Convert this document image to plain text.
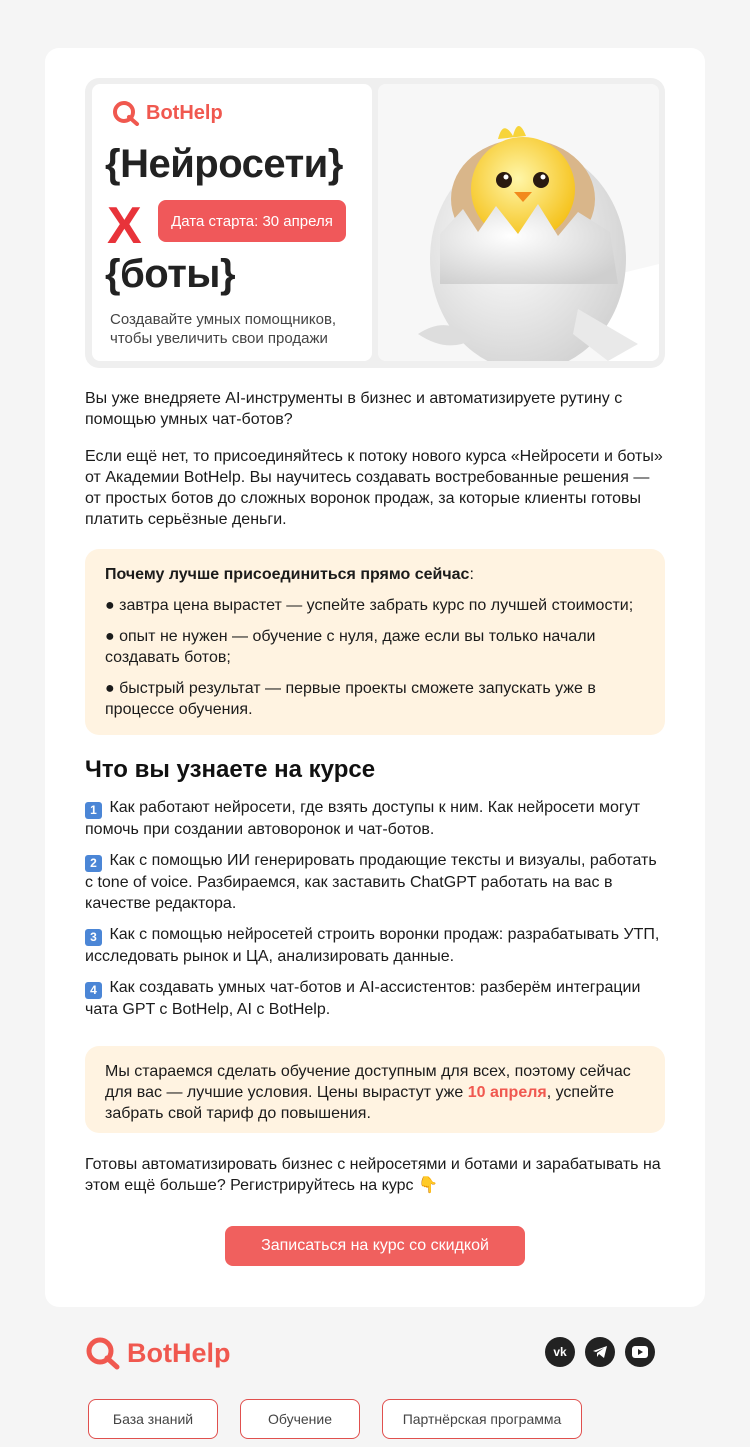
BotHelp
{Нейросети}
Х	Дата старта: 30 апреля
{боты}
Создавайте умных помощников, чтобы увеличить свои продажи
Вы уже внедряете AI-инструменты в бизнес и автоматизируете рутину с помощью умных чат-ботов?
Если ещё нет, то присоединяйтесь к потоку нового курса «Нейросети и боты» от Академии BotHelp. Вы научитесь создавать востребованные решения — от простых ботов до сложных воронок продаж, за которые клиенты готовы платить серьёзные деньги.

Почему лучше присоединиться прямо сейчас:

● завтра цена вырастет — успейте забрать курс по лучшей стоимости;

● опыт не нужен — обучение с нуля, даже если вы только начали создавать ботов;

● быстрый результат — первые проекты сможете запускать уже в процессе обучения.

Что вы узнаете на курсе
1 Как работают нейросети, где взять доступы к ним. Как нейросети могут помочь при создании автоворонок и чат-ботов.
2 Как с помощью ИИ генерировать продающие тексты и визуалы, работать с tone of voice. Разбираемся, как заставить ChatGPT работать на вас в качестве редактора.
3 Как с помощью нейросетей строить воронки продаж: разрабатывать УТП, исследовать рынок и ЦА, анализировать данные.
4 Как создавать умных чат-ботов и AI-ассистентов: разберём интеграции чата GPT с BotHelp, AI с BotHelp.

Мы стараемся сделать обучение доступным для всех, поэтому сейчас для вас — лучшие условия. Цены вырастут уже 10 апреля, успейте забрать свой тариф до повышения.

Готовы автоматизировать бизнес с нейросетями и ботами и зарабатывать на этом ещё больше? Регистрируйтесь на курс 👇
Записаться на курс со скидкой
BotHelp	vk
База знаний	Обучение	Партнёрская программа
